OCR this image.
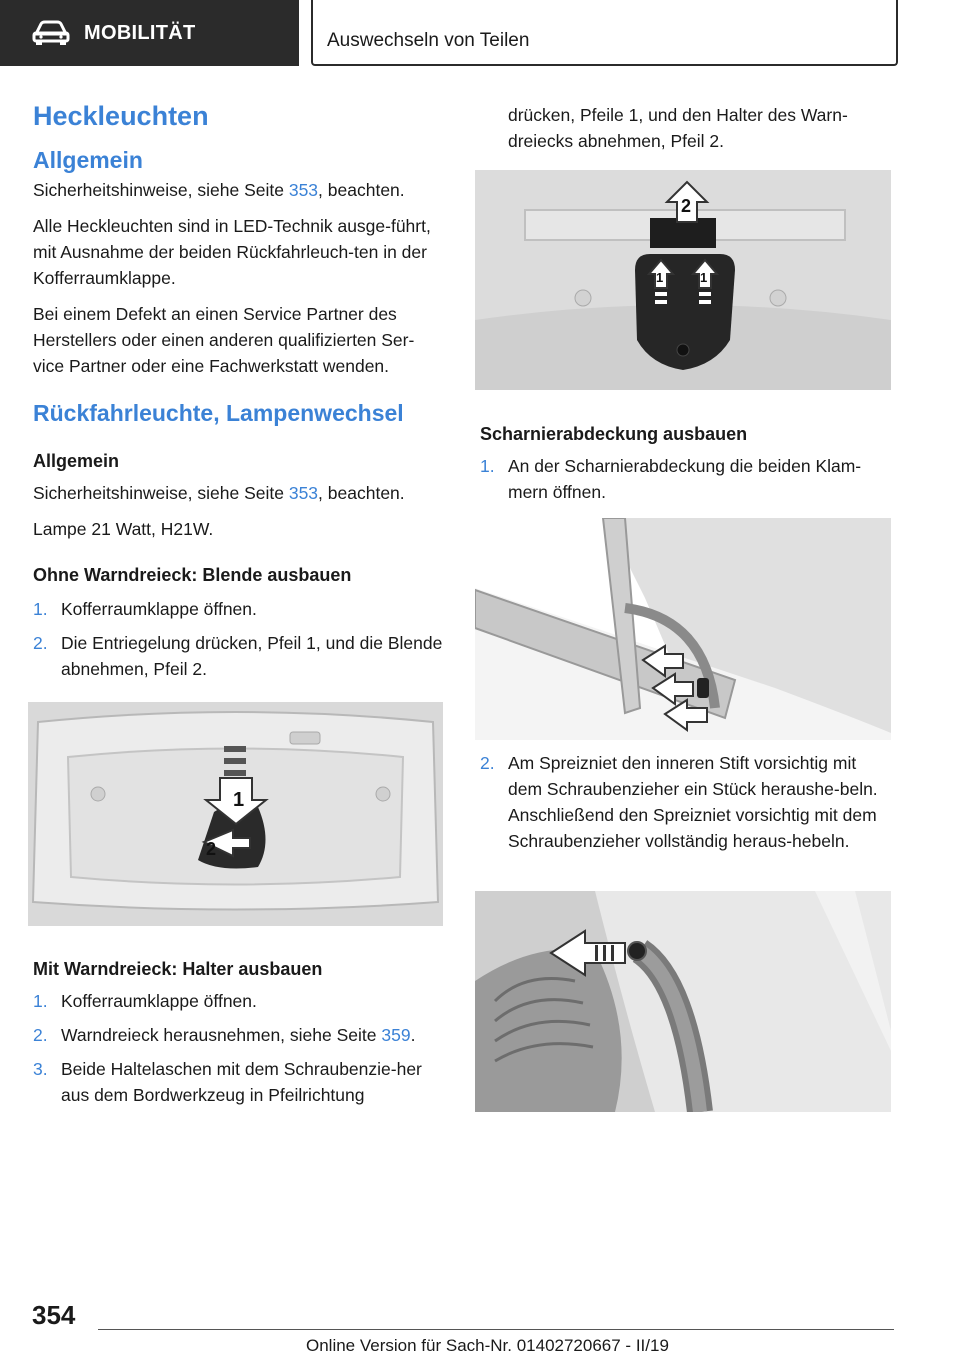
MOBILITÄT	Auswechseln von Teilen
Heckleuchten
Allgemein

Sicherheitshinweise, siehe Seite 353, beachten.

Alle Heckleuchten sind in LED-Technik ausge-führt, mit Ausnahme der beiden Rückfahrleuch-ten in der Kofferraumklappe.

Bei einem Defekt an einen Service Partner des Herstellers oder einen anderen qualifizierten Ser-vice Partner oder eine Fachwerkstatt wenden.

Rückfahrleuchte, Lampenwechsel
Allgemein

Sicherheitshinweise, siehe Seite 353, beachten.

Lampe 21 Watt, H21W.

Ohne Warndreieck: Blende ausbauen
1. Kofferraumklappe öffnen.
2. Die Entriegelung drücken, Pfeil 1, und die Blende abnehmen, Pfeil 2.
1
2
Mit Warndreieck: Halter ausbauen
1. Kofferraumklappe öffnen.
2. Warndreieck herausnehmen, siehe Seite 359.
3. Beide Haltelaschen mit dem Schraubenzie-her aus dem Bordwerkzeug in Pfeilrichtung

drücken, Pfeile 1, und den Halter des Warn-dreiecks abnehmen, Pfeil 2.

2
1	1
Scharnierabdeckung ausbauen
1. An der Scharnierabdeckung die beiden Klam-mern öffnen.
2. Am Spreizniet den inneren Stift vorsichtig mit dem Schraubenzieher ein Stück heraushe-beln. Anschließend den Spreizniet vorsichtig mit dem Schraubenzieher vollständig heraus-hebeln.
354
Online Version für Sach-Nr. 01402720667 - II/19
